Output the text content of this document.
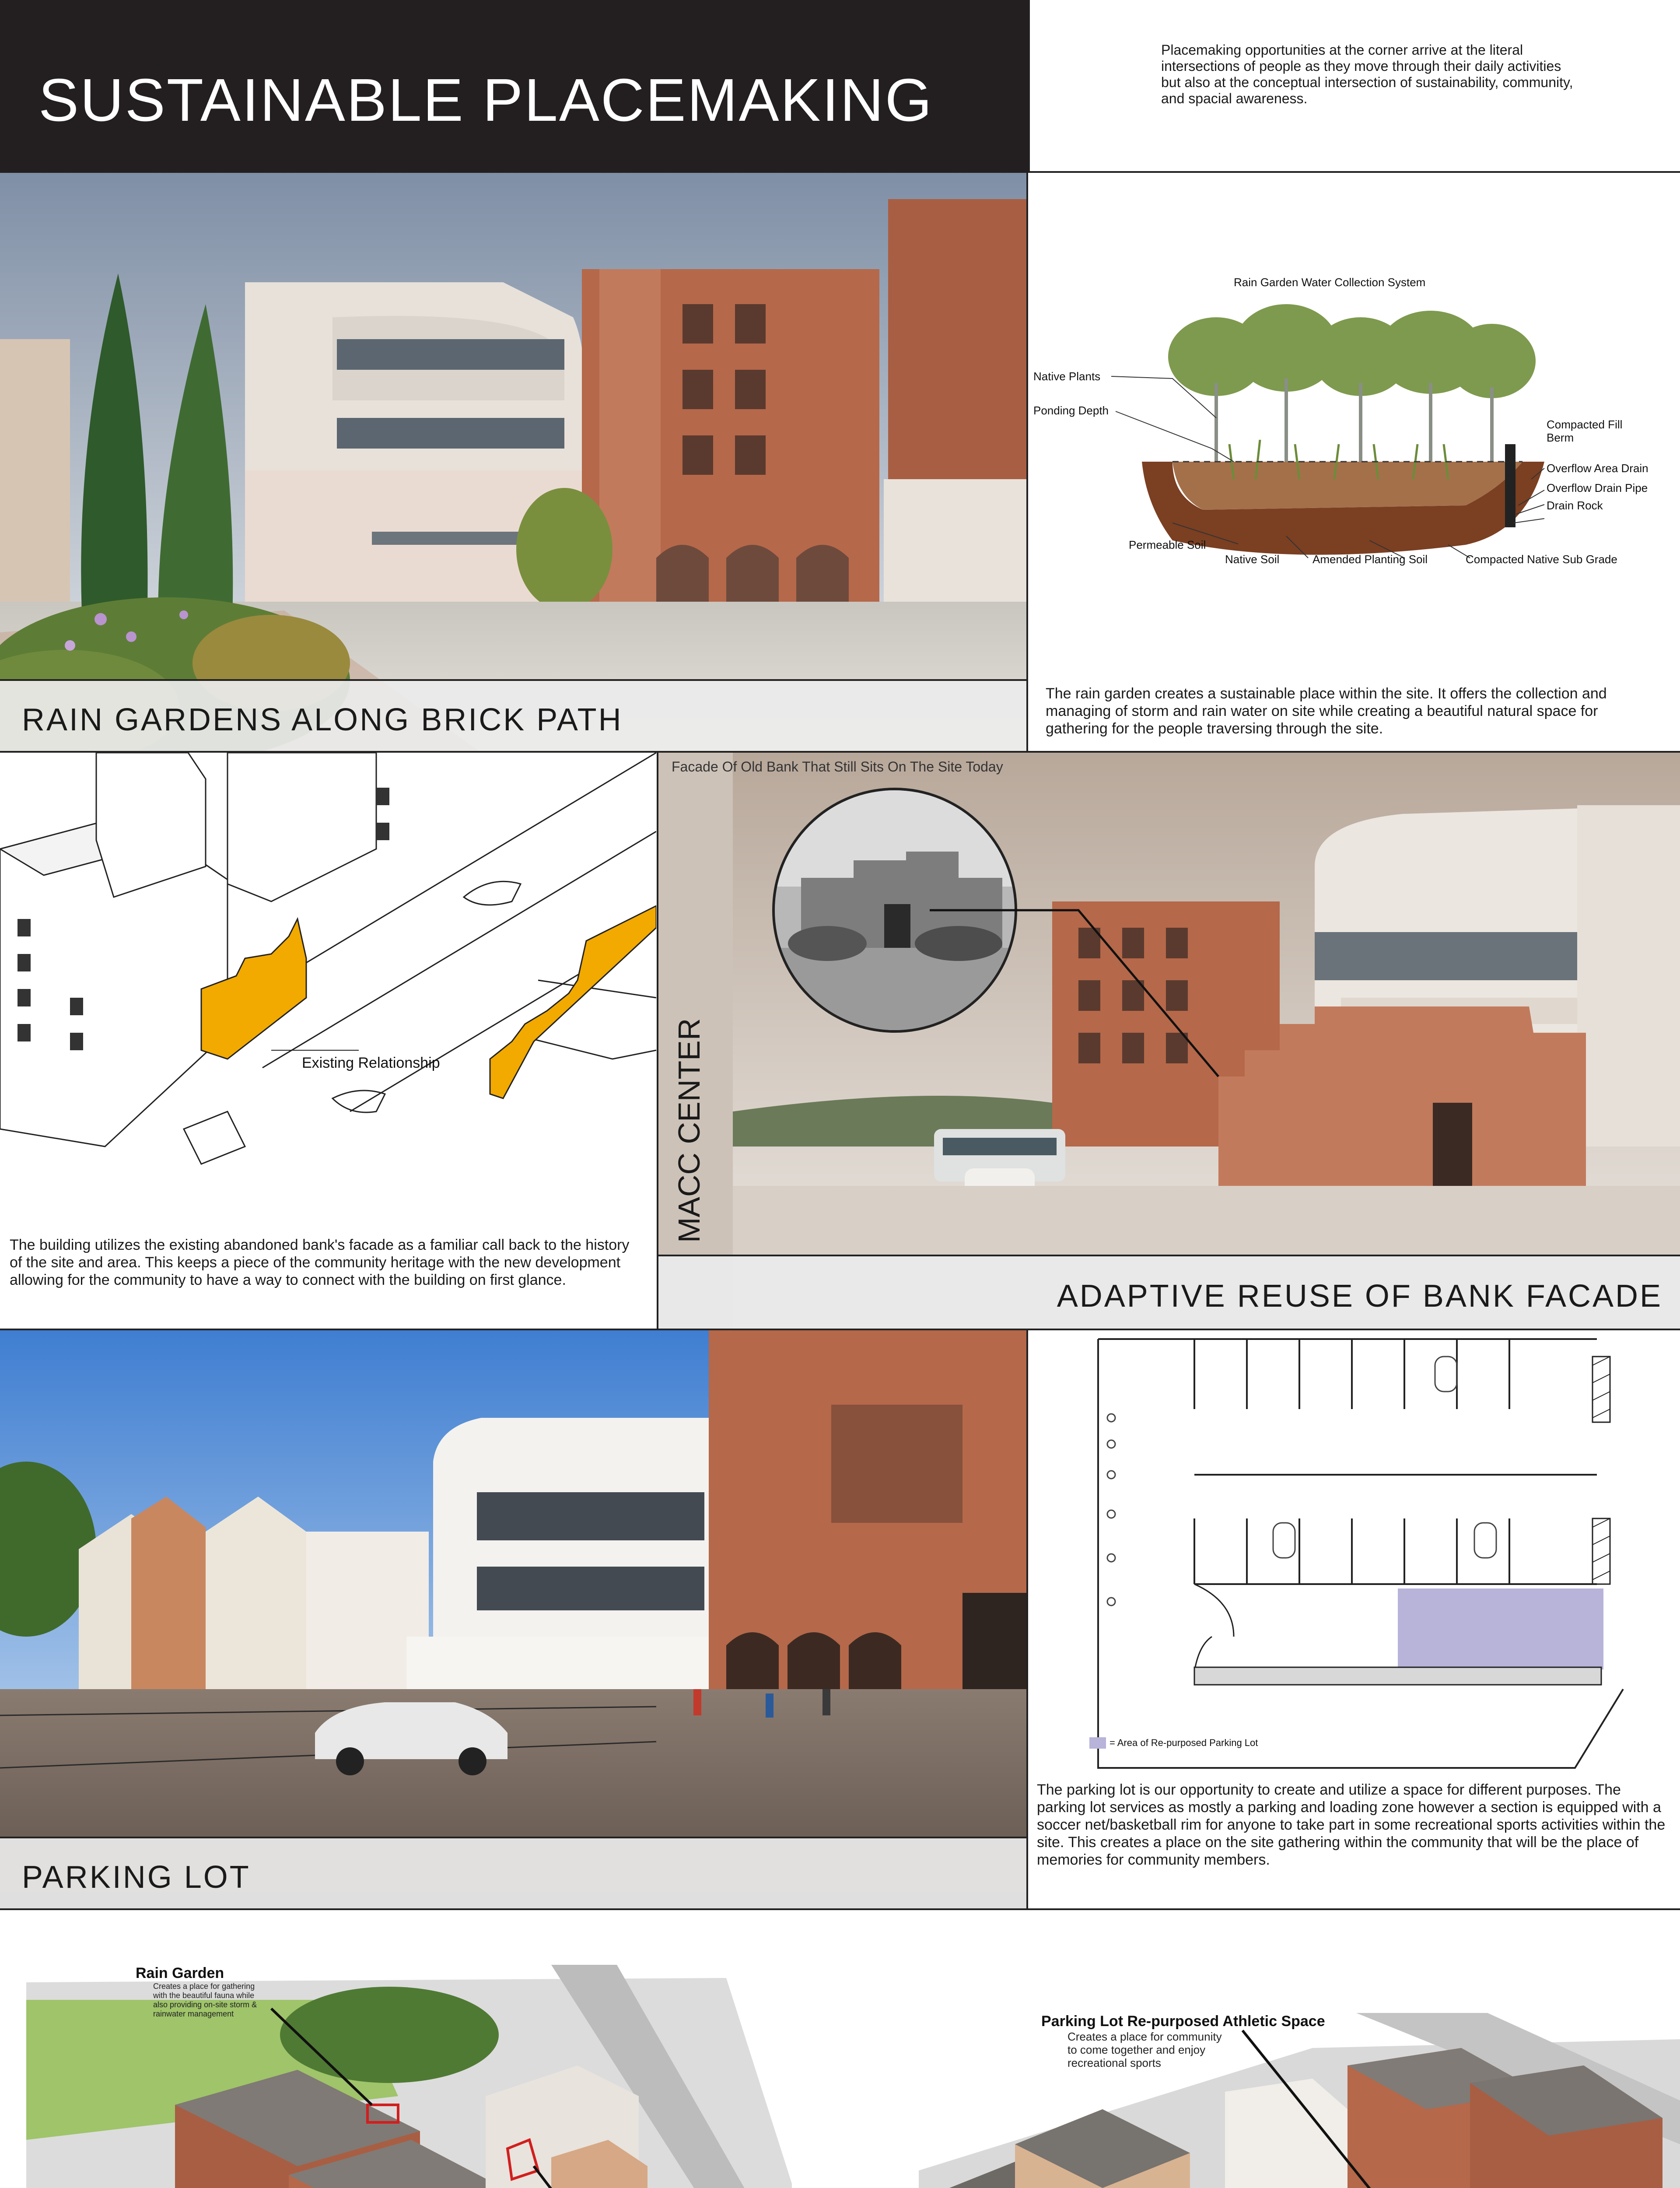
SUSTAINABLE PLACEMAKING
Placemaking opportunities at the corner arrive at the literal intersections of people as they move through their daily activities but also at the conceptual intersection of sustainability, community, and spacial awareness.
RAIN GARDENS ALONG BRICK PATH
Rain Garden Water Collection System
Native Plants
Ponding Depth
Compacted Fill
Berm
Overflow Area Drain
Overflow Drain Pipe
Drain Rock
Permeable Soil
Native Soil	Amended Planting Soil	Compacted Native Sub Grade
The rain garden creates a sustainable place within the site. It offers the collection and managing of storm and rain water on site while creating a beautiful natural space for gathering for the people traversing through the site.
Existing Relationship
The building utilizes the existing abandoned bank's facade as a familiar call back to the history of the site and area. This keeps a piece of the community heritage with the new development allowing for the community to have a way to connect with the building on first glance.
Facade Of Old Bank That Still Sits On The Site Today
MACC CENTER
ADAPTIVE REUSE OF BANK FACADE
PARKING LOT
= Area of Re-purposed Parking Lot
The parking lot is our opportunity to create and utilize a space for different purposes. The parking lot services as mostly a parking and loading zone however a section is equipped with a soccer net/basketball rim for anyone to take part in some recreational sports activities within the site. This creates a place on the site gathering within the community that will be the place of memories for community members.
Rain Garden
Creates a place for gathering with the beautiful fauna while also providing on-site storm & rainwater management	Parking Lot Re-purposed Athletic Space
Creates a place for community to come together and enjoy recreational sports
